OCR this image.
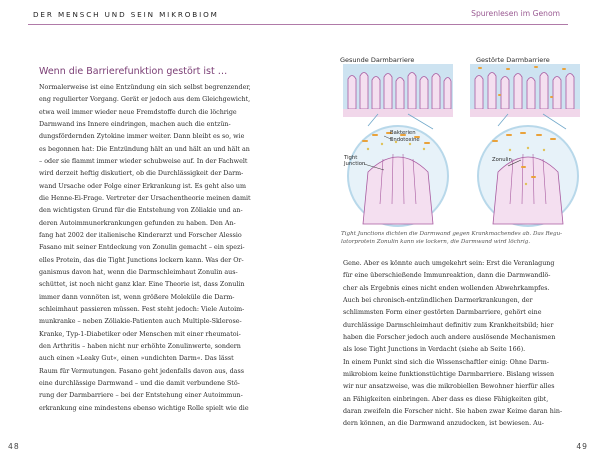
DER MENSCH UND SEIN MIKROBIOM
Wenn die Barrierefunktion gestört ist …
Normalerweise ist eine Entzündung ein sich selbst begrenzender,
eng regulierter Vorgang. Gerät er jedoch aus dem Gleichgewicht,
etwa weil immer wieder neue Fremdstoffe durch die löchrige
Darmwand ins Innere eindringen, machen auch die entzün-
dungsfördernden Zytokine immer weiter. Dann bleibt es so, wie
es begonnen hat: Die Entzündung hält an und hält an und hält an
– oder sie flammt immer wieder schubweise auf. In der Fachwelt
wird derzeit heftig diskutiert, ob die Durchlässigkeit der Darm-
wand Ursache oder Folge einer Erkrankung ist. Es geht also um
die Henne-Ei-Frage. Vertreter der Ursachentheorie meinen damit
den wichtigsten Grund für die Entstehung von Zöliakie und an-
deren Autoimmunerkrankungen gefunden zu haben. Den An-
fang hat 2002 der italienische Kinderarzt und Forscher Alessio
Fasano mit seiner Entdeckung von Zonulin gemacht – ein spezi-
elles Protein, das die Tight Junctions lockern kann. Was der Or-
ganismus davon hat, wenn die Darmschleimhaut Zonulin aus-
schüttet, ist noch nicht ganz klar. Eine Theorie ist, dass Zonulin
immer dann vonnöten ist, wenn größere Moleküle die Darm-
schleimhaut passieren müssen. Fest steht jedoch: Viele Autoim-
munkranke – neben Zöliakie-Patienten auch Multiple-Sklerose-
Kranke, Typ-1-Diabetiker oder Menschen mit einer rheumatoi-
den Arthritis – haben nicht nur erhöhte Zonulinwerte, sondern
auch einen »Leaky Gut«, einen »undichten Darm«. Das lässt
Raum für Vermutungen. Fasano geht jedenfalls davon aus, dass
eine durchlässige Darmwand – und die damit verbundene Stö-
rung der Darmbarriere – bei der Entstehung einer Autoimmun-
erkrankung eine mindestens ebenso wichtige Rolle spielt wie die
48
Spurenlesen im Genom
Gesunde Darmbarriere	Gestörte Darmbarriere
Bakterien
Endotoxine
Tight
Junction
Zonulin
Tight Junctions dichten die Darmwand gegen Krankmachendes ab. Das Regu-
latorprotein Zonulin kann sie lockern, die Darmwand wird löchrig.
Gene. Aber es könnte auch umgekehrt sein: Erst die Veranlagung
für eine überschießende Immunreaktion, dann die Darmwandlö-
cher als Ergebnis eines nicht enden wollenden Abwehrkampfes.
Auch bei chronisch-entzündlichen Darmerkrankungen, der
schlimmsten Form einer gestörten Darmbarriere, gehört eine
durchlässige Darmschleimhaut definitiv zum Krankheitsbild; hier
haben die Forscher jedoch auch andere auslösende Mechanismen
als lose Tight Junctions in Verdacht (siehe ab Seite 166).
In einem Punkt sind sich die Wissenschaftler einig: Ohne Darm-
mikrobiom keine funktionstüchtige Darmbarriere. Bislang wissen
wir nur ansatzweise, was die mikrobiellen Bewohner hierfür alles
an Fähigkeiten einbringen. Aber dass es diese Fähigkeiten gibt,
daran zweifeln die Forscher nicht. Sie haben zwar Keime daran hin-
dern können, an die Darmwand anzudocken, ist bewiesen. Au-
49
